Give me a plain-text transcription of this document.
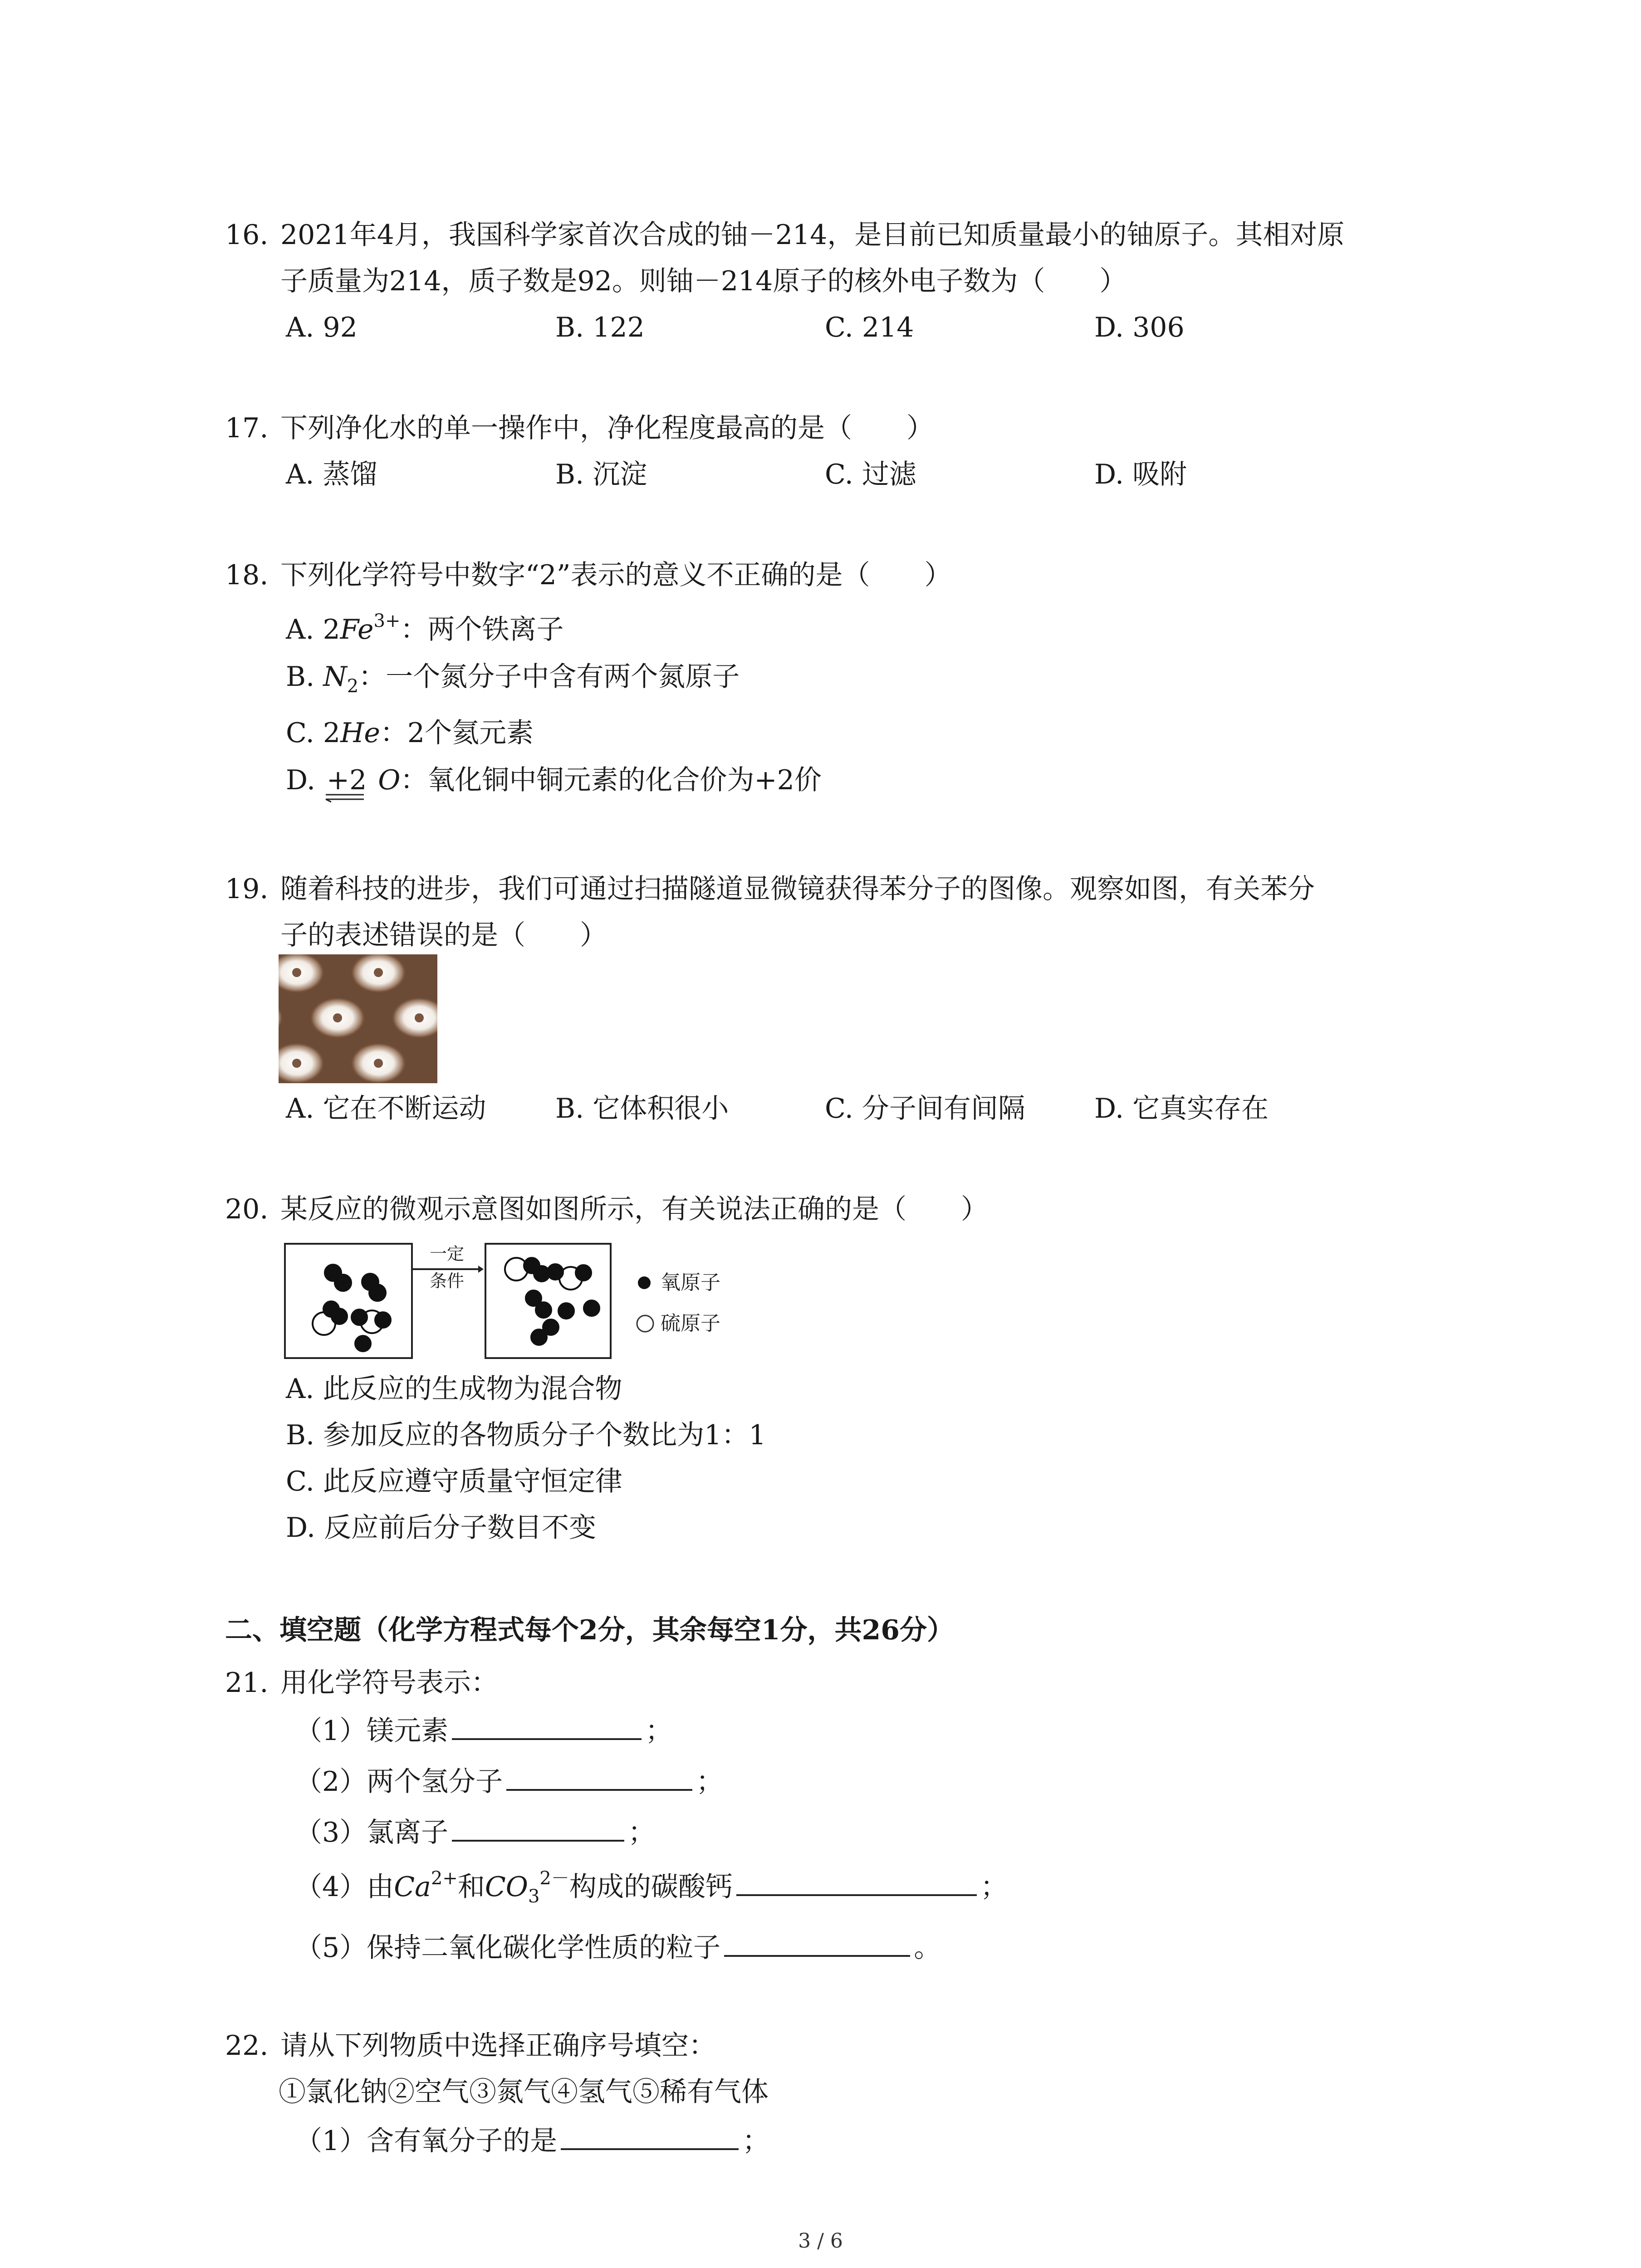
16. 2021年4月，我国科学家首次合成的铀－214，是目前已知质量最小的铀原子。其相对原
子质量为214，质子数是92。则铀－214原子的核外电子数为（　　）
A. 92	B. 122	C. 214	D. 306
17. 下列净化水的单一操作中，净化程度最高的是（　　）
A. 蒸馏	B. 沉淀	C. 过滤	D. 吸附
18. 下列化学符号中数字“2”表示的意义不正确的是（　　）
A. $2Fe^{3+}$：两个铁离子
B. $N_2$：一个氮分子中含有两个氮原子
C. 2He：2个氦元素
D. +2 O：氧化铜中铜元素的化合价为+2价
19. 随着科技的进步，我们可通过扫描隧道显微镜获得苯分子的图像。观察如图，有关苯分
子的表述错误的是（　　）
A. 它在不断运动	B. 它体积很小	C. 分子间有间隔	D. 它真实存在
20. 某反应的微观示意图如图所示，有关说法正确的是（　　）
一定
条件	氧原子
硫原子
A. 此反应的生成物为混合物
B. 参加反应的各物质分子个数比为1：1
C. 此反应遵守质量守恒定律
D. 反应前后分子数目不变
二、填空题（化学方程式每个2分，其余每空1分，共26分）
21. 用化学符号表示：
（1）镁元素	；
（2）两个氢分子	；
（3）氯离子	；
（4）由$Ca^{2+}$和$CO_3^{2-}$构成的碳酸钙	；
（5）保持二氧化碳化学性质的粒子	。
22. 请从下列物质中选择正确序号填空：
①氯化钠②空气③氮气④氢气⑤稀有气体
（1）含有氧分子的是	；
3 / 6
